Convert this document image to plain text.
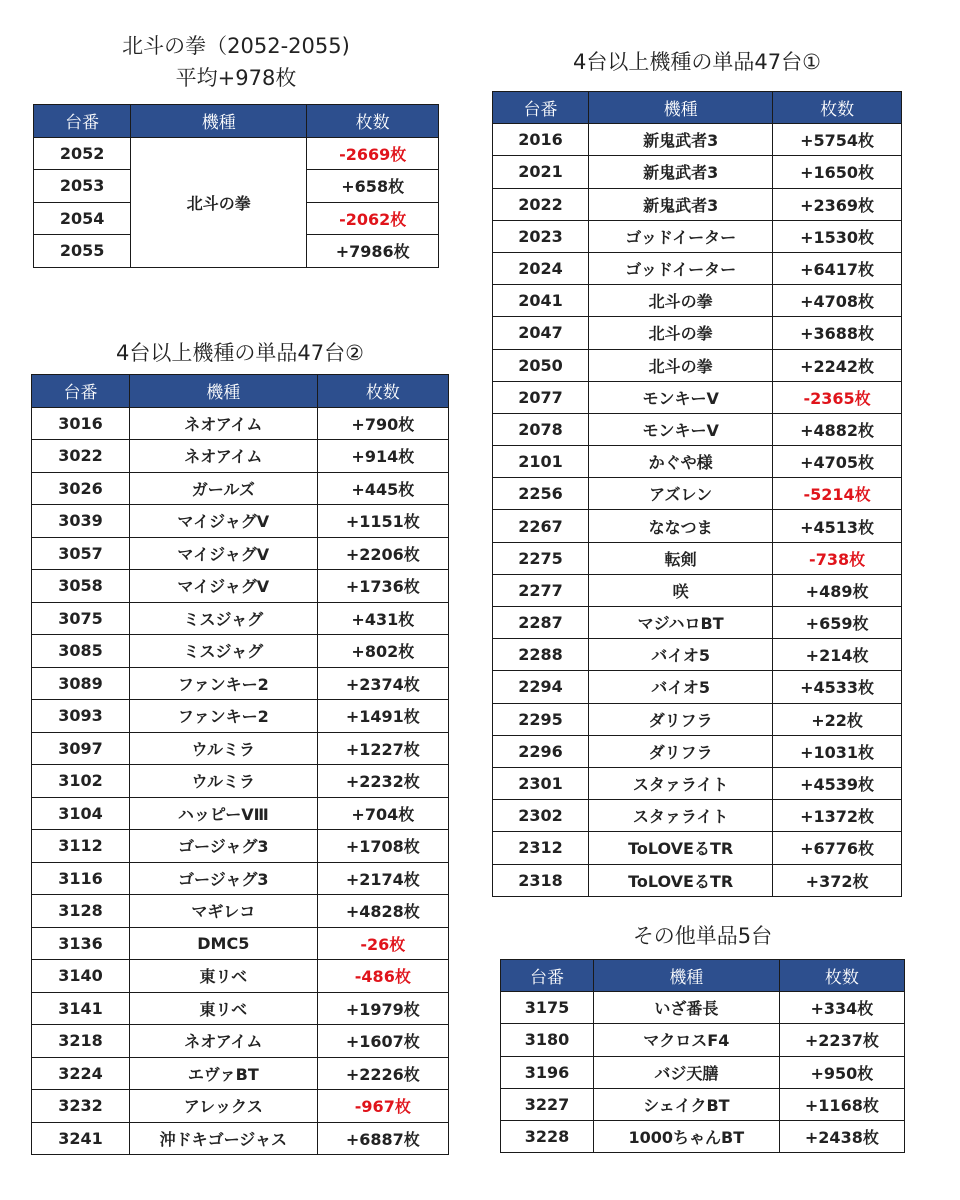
北斗の拳（2052-2055)
平均+978枚
台番	機種	枚数
2052	北斗の拳	-2669枚
2053		+658枚
2054		-2062枚
2055		+7986枚
4台以上機種の単品47台①
台番	機種	枚数
2016	新鬼武者3	+5754枚
2021	新鬼武者3	+1650枚
2022	新鬼武者3	+2369枚
2023	ゴッドイーター	+1530枚
2024	ゴッドイーター	+6417枚
2041	北斗の拳	+4708枚
2047	北斗の拳	+3688枚
2050	北斗の拳	+2242枚
2077	モンキーV	-2365枚
2078	モンキーV	+4882枚
2101	かぐや様	+4705枚
2256	アズレン	-5214枚
2267	ななつま	+4513枚
2275	転剣	-738枚
2277	咲	+489枚
2287	マジハロBT	+659枚
2288	バイオ5	+214枚
2294	バイオ5	+4533枚
2295	ダリフラ	+22枚
2296	ダリフラ	+1031枚
2301	スタァライト	+4539枚
2302	スタァライト	+1372枚
2312	ToLOVEるTR	+6776枚
2318	ToLOVEるTR	+372枚
4台以上機種の単品47台②
台番	機種	枚数
3016	ネオアイム	+790枚
3022	ネオアイム	+914枚
3026	ガールズ	+445枚
3039	マイジャグV	+1151枚
3057	マイジャグV	+2206枚
3058	マイジャグV	+1736枚
3075	ミスジャグ	+431枚
3085	ミスジャグ	+802枚
3089	ファンキー2	+2374枚
3093	ファンキー2	+1491枚
3097	ウルミラ	+1227枚
3102	ウルミラ	+2232枚
3104	ハッピーVⅢ	+704枚
3112	ゴージャグ3	+1708枚
3116	ゴージャグ3	+2174枚
3128	マギレコ	+4828枚
3136	DMC5	-26枚
3140	東リベ	-486枚
3141	東リベ	+1979枚
3218	ネオアイム	+1607枚
3224	エヴァBT	+2226枚
3232	アレックス	-967枚
3241	沖ドキゴージャス	+6887枚
その他単品5台
台番	機種	枚数
3175	いざ番長	+334枚
3180	マクロスF4	+2237枚
3196	バジ天膳	+950枚
3227	シェイクBT	+1168枚
3228	1000ちゃんBT	+2438枚
